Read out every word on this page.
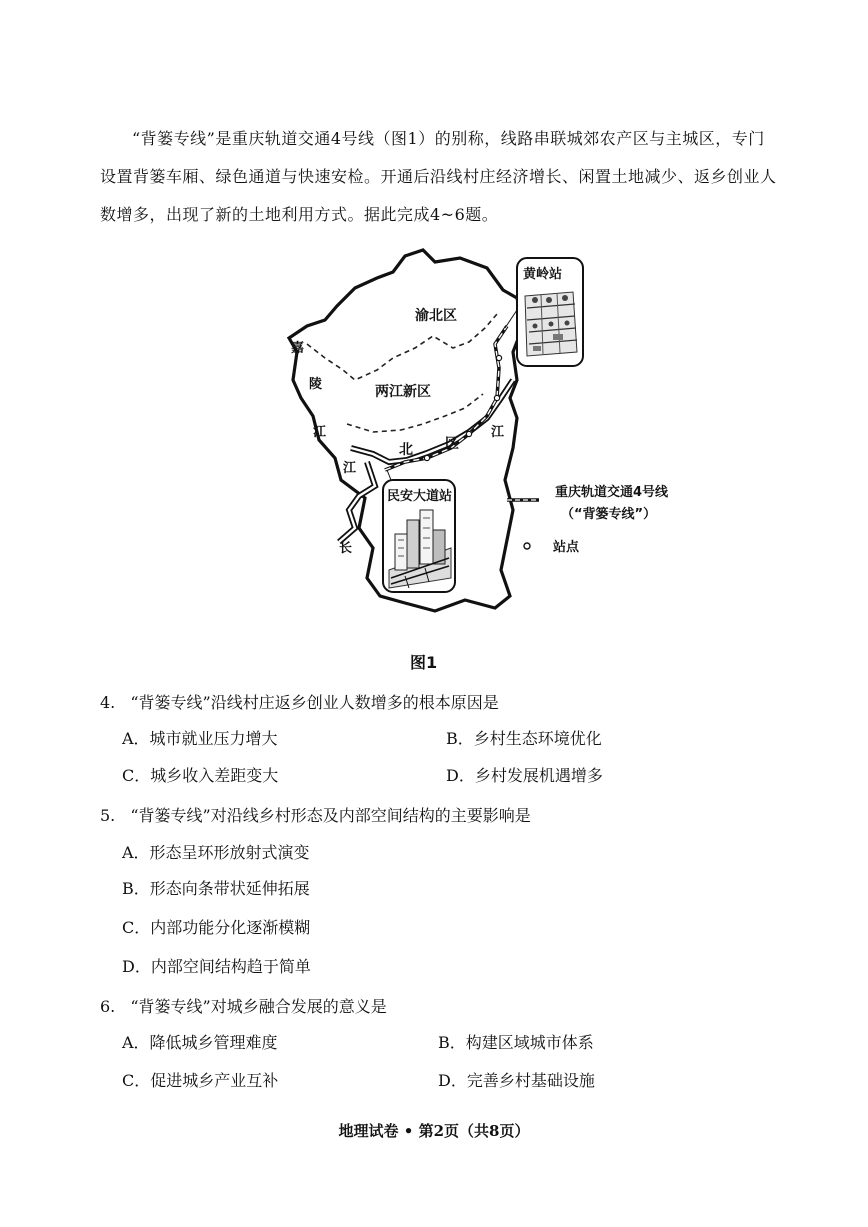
“背篓专线”是重庆轨道交通4号线（图1）的别称，线路串联城郊农产区与主城区，专门设置背篓车厢、绿色通道与快速安检。开通后沿线村庄经济增长、闲置土地减少、返乡创业人数增多，出现了新的土地利用方式。据此完成4~6题。
渝北区
两江新区
嘉
陵
江
江
北 区
长
江
黄岭站
民安大道站	重庆轨道交通4号线
（“背篓专线”）
站点
图1
4. “背篓专线”沿线村庄返乡创业人数增多的根本原因是
A．城市就业压力增大	B．乡村生态环境优化
C．城乡收入差距变大	D．乡村发展机遇增多
5. “背篓专线”对沿线乡村形态及内部空间结构的主要影响是
A．形态呈环形放射式演变
B．形态向条带状延伸拓展
C．内部功能分化逐渐模糊
D．内部空间结构趋于简单
6. “背篓专线”对城乡融合发展的意义是
A．降低城乡管理难度	B．构建区域城市体系
C．促进城乡产业互补	D．完善乡村基础设施
地理试卷 • 第2页（共8页）
